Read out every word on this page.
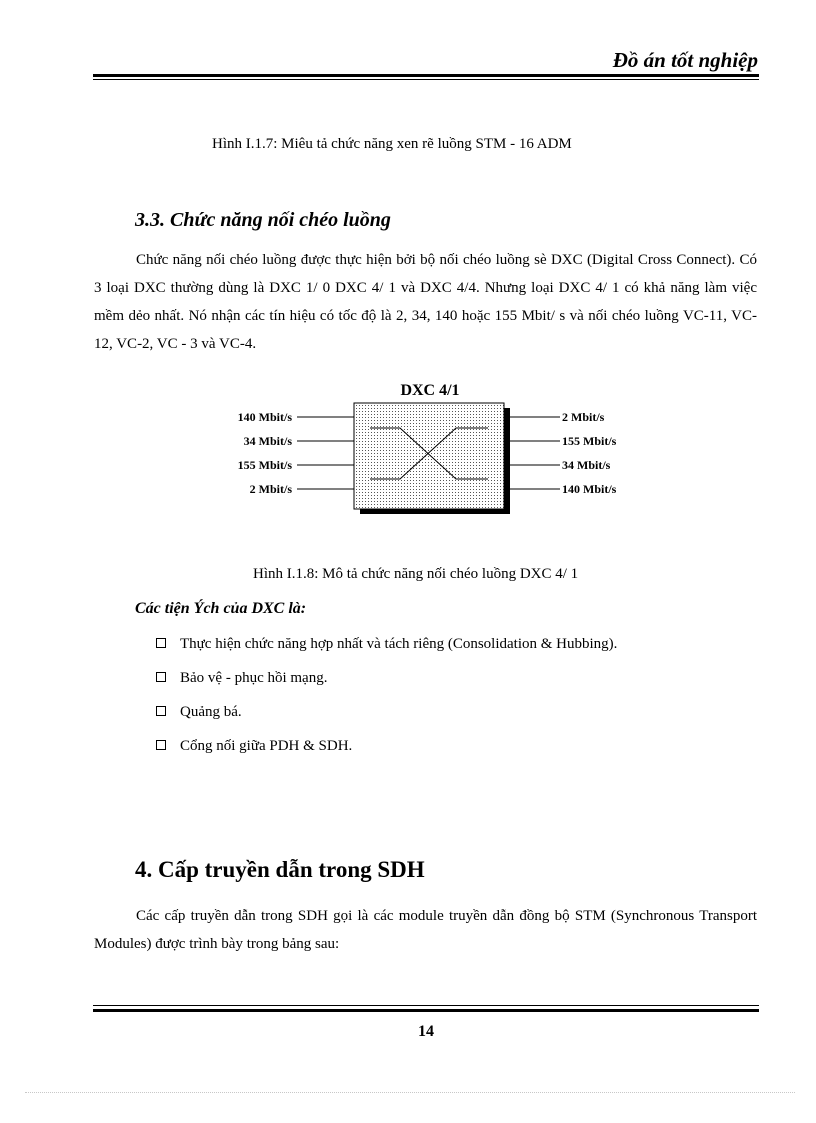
Đồ án tốt nghiệp
Hình I.1.7: Miêu tả chức năng xen rẽ luồng STM - 16 ADM
3.3. Chức năng nối chéo luồng

Chức năng nối chéo luồng được thực hiện bởi bộ nối chéo luồng sè DXC (Digital Cross Connect). Có 3 loại DXC thường dùng là DXC 1/ 0 DXC 4/ 1 và DXC 4/4. Nhưng loại DXC 4/ 1 có khả năng làm việc mềm dẻo nhất. Nó nhận các tín hiệu có tốc độ là 2, 34, 140 hoặc 155 Mbit/ s và nối chéo luồng VC-11, VC-12, VC-2, VC - 3 và VC-4.

DXC 4/1
140 Mbit/s
34 Mbit/s
155 Mbit/s
2 Mbit/s
2 Mbit/s
155 Mbit/s
34 Mbit/s
140 Mbit/s
Hình I.1.8: Mô tả chức năng nối chéo luồng DXC 4/ 1
Các tiện Ých của DXC là:
Thực hiện chức năng hợp nhất và tách riêng (Consolidation & Hubbing).
Bảo vệ - phục hồi mạng.
Quảng bá.
Cổng nối giữa PDH & SDH.
4. Cấp truyền dẫn trong SDH

Các cấp truyền dẫn trong SDH gọi là các module truyền dẫn đồng bộ STM (Synchronous Transport Modules) được trình bày trong bảng sau:

14
